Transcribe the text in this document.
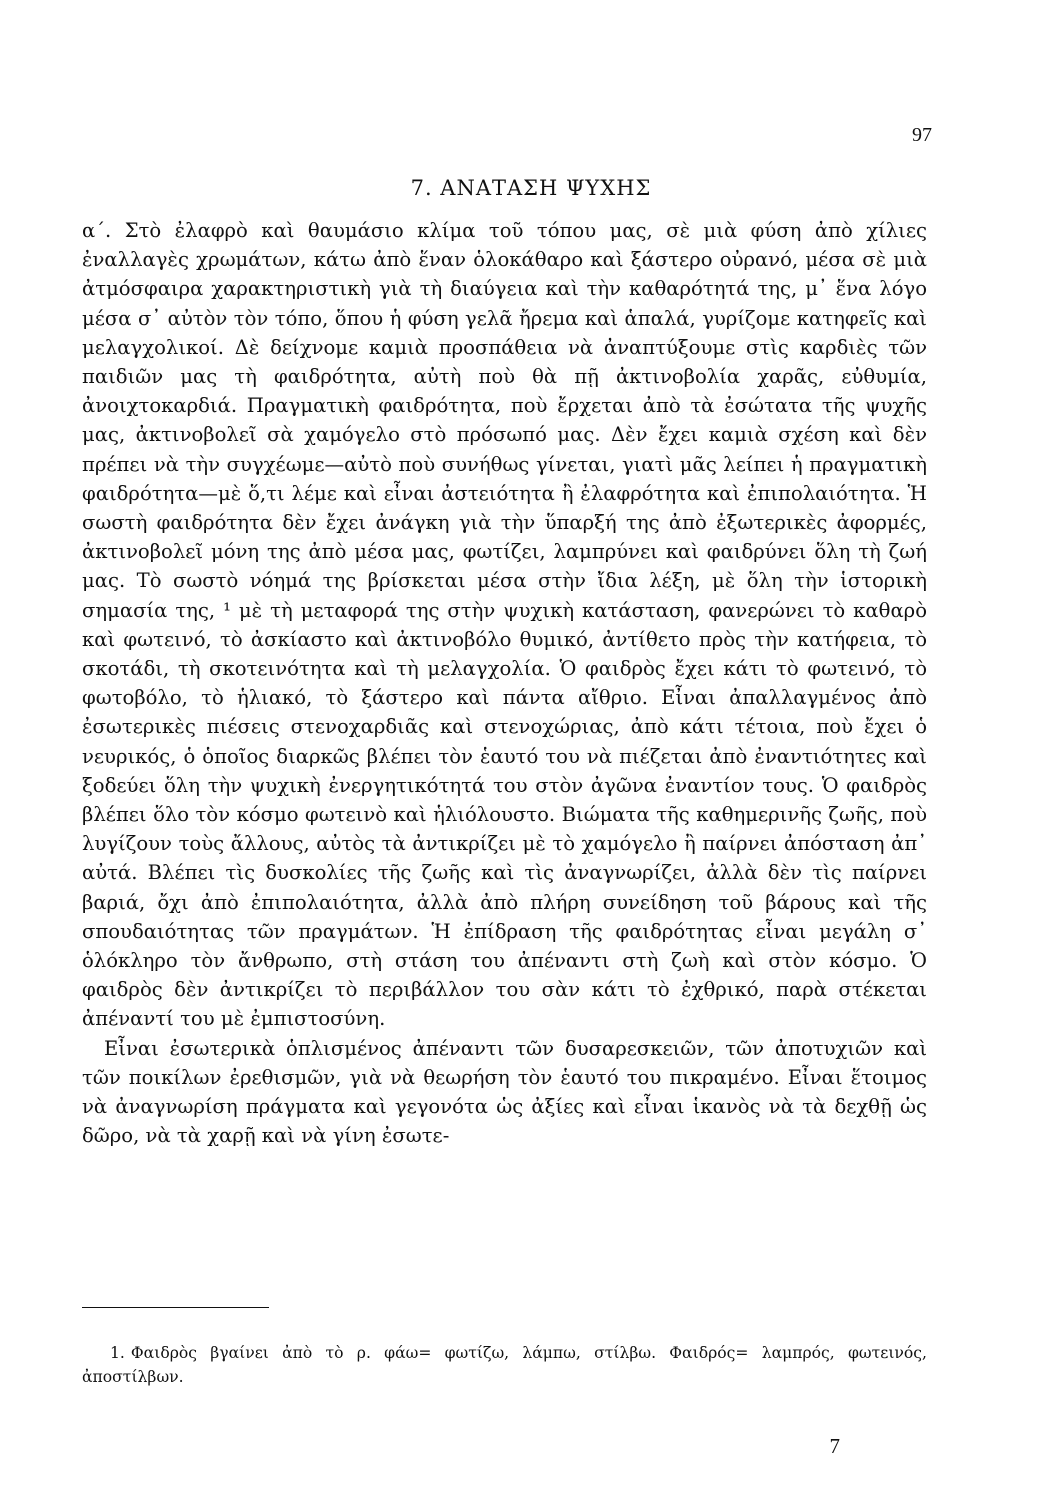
97
7. ΑΝΑΤΑΣΗ ΨΥΧΗΣ

α΄. Στὸ ἐλαφρὸ καὶ θαυμάσιο κλίμα τοῦ τόπου μας, σὲ μιὰ φύση ἀπὸ χίλιες ἐναλλαγὲς χρωμάτων, κάτω ἀπὸ ἕναν ὁλοκάθαρο καὶ ξάστερο οὐρανό, μέσα σὲ μιὰ ἀτμόσφαιρα χαρακτηριστικὴ γιὰ τὴ διαύγεια καὶ τὴν καθαρότητά της, μ᾽ ἕνα λόγο μέσα σ᾽ αὐτὸν τὸν τόπο, ὅπου ἡ φύση γελᾶ ἤρεμα καὶ ἁπαλά, γυρίζομε κατηφεῖς καὶ μελαγχολικοί. Δὲ δείχνομε καμιὰ προσπάθεια νὰ ἀναπτύξουμε στὶς καρδιὲς τῶν παιδιῶν μας τὴ φαιδρότητα, αὐτὴ ποὺ θὰ πῇ ἀκτινοβολία χαρᾶς, εὐθυμία, ἀνοιχτοκαρδιά. Πραγματικὴ φαιδρότητα, ποὺ ἔρχεται ἀπὸ τὰ ἐσώτατα τῆς ψυχῆς μας, ἀκτινοβολεῖ σὰ χαμόγελο στὸ πρόσωπό μας. Δὲν ἔχει καμιὰ σχέση καὶ δὲν πρέπει νὰ τὴν συγχέωμε—αὐτὸ ποὺ συνήθως γίνεται, γιατὶ μᾶς λείπει ἡ πραγματικὴ φαιδρότητα—μὲ ὅ,τι λέμε καὶ εἶναι ἀστειότητα ἢ ἐλαφρότητα καὶ ἐπιπολαιότητα. Ἡ σωστὴ φαιδρότητα δὲν ἔχει ἀνάγκη γιὰ τὴν ὕπαρξή της ἀπὸ ἐξωτερικὲς ἀφορμές, ἀκτινοβολεῖ μόνη της ἀπὸ μέσα μας, φωτίζει, λαμπρύνει καὶ φαιδρύνει ὅλη τὴ ζωή μας. Τὸ σωστὸ νόημά της βρίσκεται μέσα στὴν ἴδια λέξη, μὲ ὅλη τὴν ἱστορικὴ σημασία της, ¹ μὲ τὴ μεταφορά της στὴν ψυχικὴ κατάσταση, φανερώνει τὸ καθαρὸ καὶ φωτεινό, τὸ ἀσκίαστο καὶ ἀκτινοβόλο θυμικό, ἀντίθετο πρὸς τὴν κατήφεια, τὸ σκοτάδι, τὴ σκοτεινότητα καὶ τὴ μελαγχολία. Ὁ φαιδρὸς ἔχει κάτι τὸ φωτεινό, τὸ φωτοβόλο, τὸ ἡλιακό, τὸ ξάστερο καὶ πάντα αἴθριο. Εἶναι ἀπαλλαγμένος ἀπὸ ἐσωτερικὲς πιέσεις στενοχαρδιᾶς καὶ στενοχώριας, ἀπὸ κάτι τέτοια, ποὺ ἔχει ὁ νευρικός, ὁ ὁποῖος διαρκῶς βλέπει τὸν ἑαυτό του νὰ πιέζεται ἀπὸ ἐναντιότητες καὶ ξοδεύει ὅλη τὴν ψυχικὴ ἐνεργητικότητά του στὸν ἀγῶνα ἐναντίον τους. Ὁ φαιδρὸς βλέπει ὅλο τὸν κόσμο φωτεινὸ καὶ ἡλιόλουστο. Βιώματα τῆς καθημερινῆς ζωῆς, ποὺ λυγίζουν τοὺς ἄλλους, αὐτὸς τὰ ἀντικρίζει μὲ τὸ χαμόγελο ἢ παίρνει ἀπόσταση ἀπ᾽ αὐτά. Βλέπει τὶς δυσκολίες τῆς ζωῆς καὶ τὶς ἀναγνωρίζει, ἀλλὰ δὲν τὶς παίρνει βαριά, ὄχι ἀπὸ ἐπιπολαιότητα, ἀλλὰ ἀπὸ πλήρη συνείδηση τοῦ βάρους καὶ τῆς σπουδαιότητας τῶν πραγμάτων. Ἡ ἐπίδραση τῆς φαιδρότητας εἶναι μεγάλη σ᾽ ὁλόκληρο τὸν ἄνθρωπο, στὴ στάση του ἀπέναντι στὴ ζωὴ καὶ στὸν κόσμο. Ὁ φαιδρὸς δὲν ἀντικρίζει τὸ περιβάλλον του σὰν κάτι τὸ ἐχθρικό, παρὰ στέκεται ἀπέναντί του μὲ ἐμπιστοσύνη.

Εἶναι ἐσωτερικὰ ὁπλισμένος ἀπέναντι τῶν δυσαρεσκειῶν, τῶν ἀποτυχιῶν καὶ τῶν ποικίλων ἐρεθισμῶν, γιὰ νὰ θεωρήση τὸν ἑαυτό του πικραμένο. Εἶναι ἕτοιμος νὰ ἀναγνωρίση πράγματα καὶ γεγονότα ὡς ἀξίες καὶ εἶναι ἱκανὸς νὰ τὰ δεχθῇ ὡς δῶρο, νὰ τὰ χαρῇ καὶ νὰ γίνη ἐσωτε-

1. Φαιδρὸς βγαίνει ἀπὸ τὸ ρ. φάω= φωτίζω, λάμπω, στίλβω. Φαιδρός= λαμπρός, φωτεινός, ἀποστίλβων.
7
